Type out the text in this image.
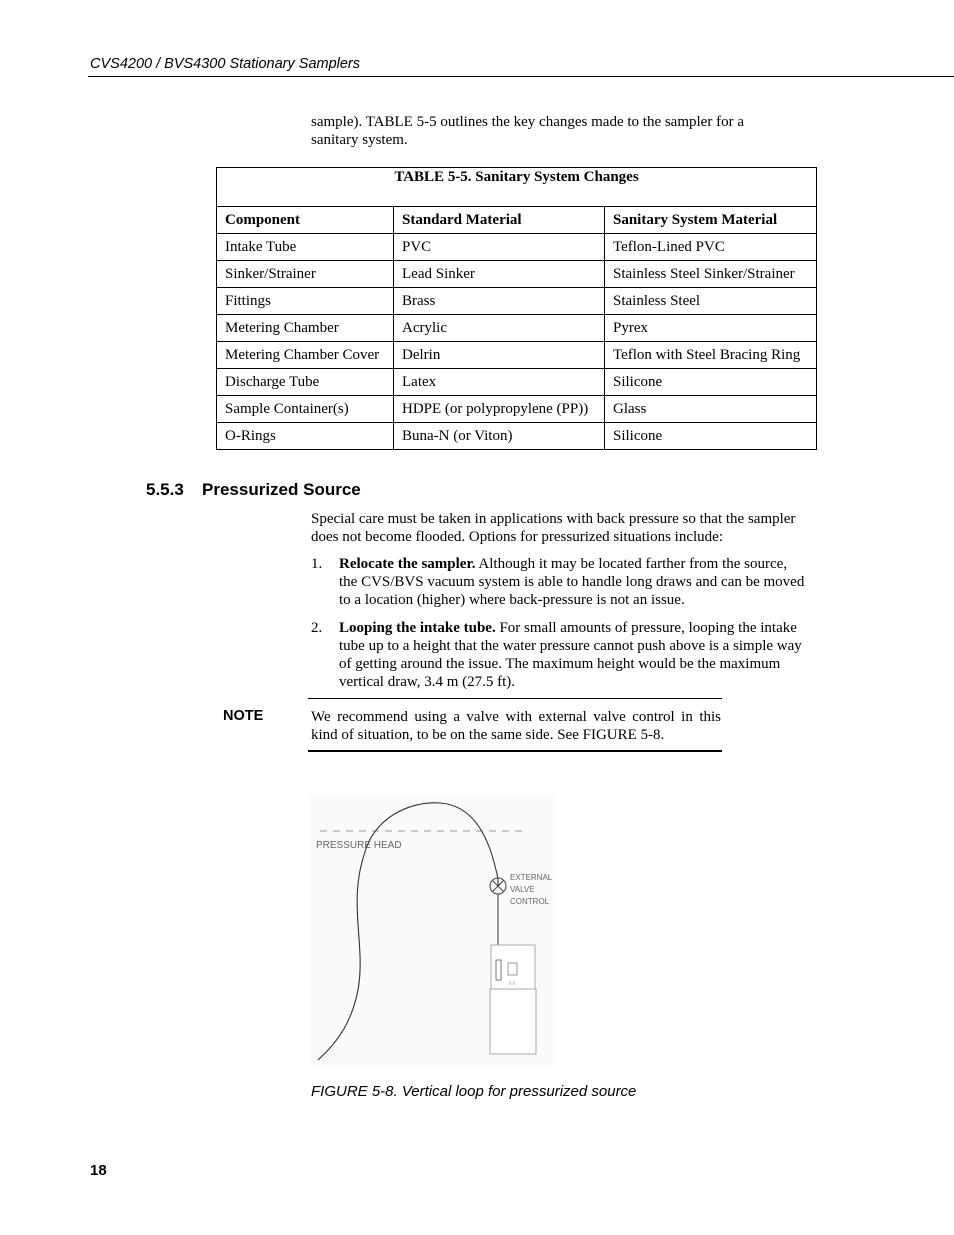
CVS4200 / BVS4300 Stationary Samplers
sample). TABLE 5-5 outlines the key changes made to the sampler for a sanitary system.
TABLE 5-5. Sanitary System Changes		
Component	Standard Material	Sanitary System Material
Intake Tube	PVC	Teflon-Lined PVC
Sinker/Strainer	Lead Sinker	Stainless Steel Sinker/Strainer
Fittings	Brass	Stainless Steel
Metering Chamber	Acrylic	Pyrex
Metering Chamber Cover	Delrin	Teflon with Steel Bracing Ring
Discharge Tube	Latex	Silicone
Sample Container(s)	HDPE (or polypropylene (PP))	Glass
O-Rings	Buna-N (or Viton)	Silicone
5.5.3 Pressurized Source
Special care must be taken in applications with back pressure so that the sampler does not become flooded. Options for pressurized situations include:
1. Relocate the sampler. Although it may be located farther from the source, the CVS/BVS vacuum system is able to handle long draws and can be moved to a location (higher) where back-pressure is not an issue.
2. Looping the intake tube. For small amounts of pressure, looping the intake tube up to a height that the water pressure cannot push above is a simple way of getting around the issue. The maximum height would be the maximum vertical draw, 3.4 m (27.5 ft).
NOTE	We recommend using a valve with external valve control in this kind of situation, to be on the same side. See FIGURE 5-8.
PRESSURE HEAD
EXTERNAL
VALVE
CONTROL
FIGURE 5-8. Vertical loop for pressurized source
18
